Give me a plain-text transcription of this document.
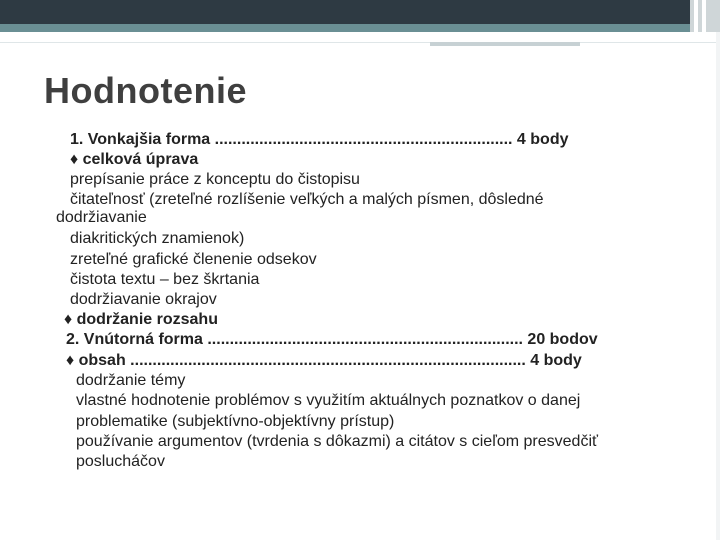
Hodnotenie
1. Vonkajšia forma ................................................................... 4 body
♦ celková úprava
prepísanie práce z konceptu do čistopisu
čitateľnosť (zreteľné rozlíšenie veľkých a malých písmen, dôsledné
dodržiavanie
diakritických znamienok)
zreteľné grafické členenie odsekov
čistota textu – bez škrtania
dodržiavanie okrajov
♦ dodržanie rozsahu
2. Vnútorná forma ....................................................................... 20 bodov
♦ obsah ......................................................................................... 4 body
dodržanie témy
vlastné hodnotenie problémov s využitím aktuálnych poznatkov o danej
problematike (subjektívno-objektívny prístup)
používanie argumentov (tvrdenia s dôkazmi) a citátov s cieľom presvedčiť
poslucháčov
